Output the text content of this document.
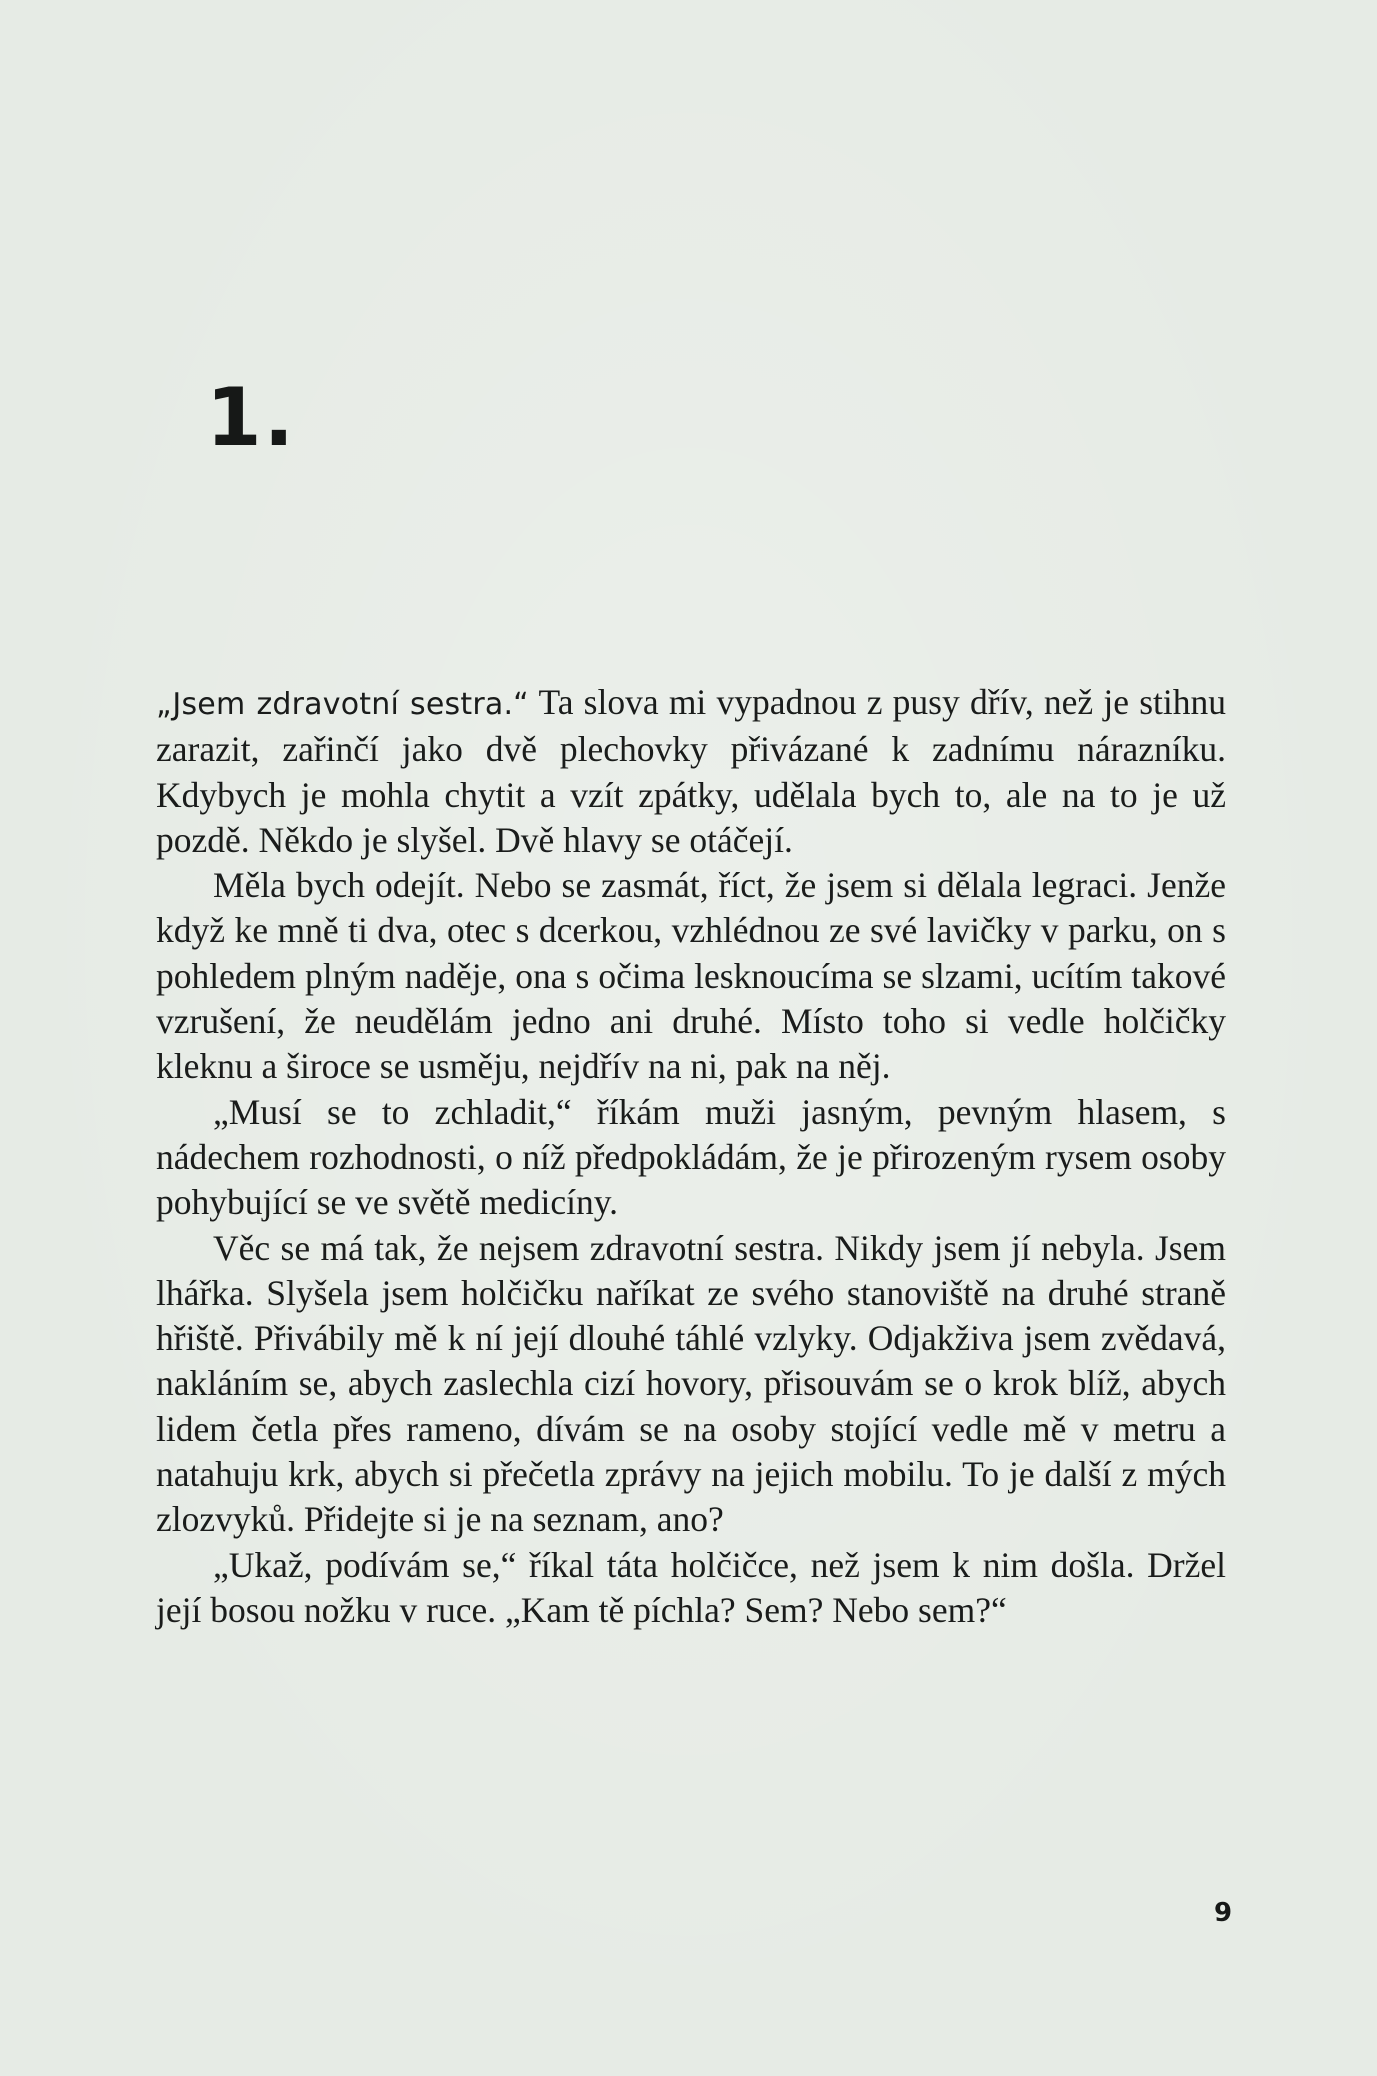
1.

„Jsem zdravotní sestra.“ Ta slova mi vypadnou z pusy dřív, než je stihnu zarazit, zařinčí jako dvě plechovky přivázané k zadnímu nárazníku. Kdybych je mohla chytit a vzít zpátky, udělala bych to, ale na to je už pozdě. Někdo je slyšel. Dvě hlavy se otáčejí.

Měla bych odejít. Nebo se zasmát, říct, že jsem si dělala legraci. Jenže když ke mně ti dva, otec s dcerkou, vzhlédnou ze své lavičky v parku, on s pohledem plným naděje, ona s očima lesknoucíma se slzami, ucítím takové vzrušení, že neudělám jedno ani druhé. Místo toho si vedle holčičky kleknu a široce se usměju, nejdřív na ni, pak na něj.

„Musí se to zchladit,“ říkám muži jasným, pevným hlasem, s nádechem rozhodnosti, o níž předpokládám, že je přirozeným rysem osoby pohybující se ve světě medicíny.

Věc se má tak, že nejsem zdravotní sestra. Nikdy jsem jí nebyla. Jsem lhářka. Slyšela jsem holčičku naříkat ze svého stanoviště na druhé straně hřiště. Přivábily mě k ní její dlouhé táhlé vzlyky. Odjakživa jsem zvědavá, nakláním se, abych zaslechla cizí hovory, přisouvám se o krok blíž, abych lidem četla přes rameno, dívám se na osoby stojící vedle mě v metru a natahuju krk, abych si přečetla zprávy na jejich mobilu. To je další z mých zlozvyků. Přidejte si je na seznam, ano?

„Ukaž, podívám se,“ říkal táta holčičce, než jsem k nim došla. Držel její bosou nožku v ruce. „Kam tě píchla? Sem? Nebo sem?“

9
